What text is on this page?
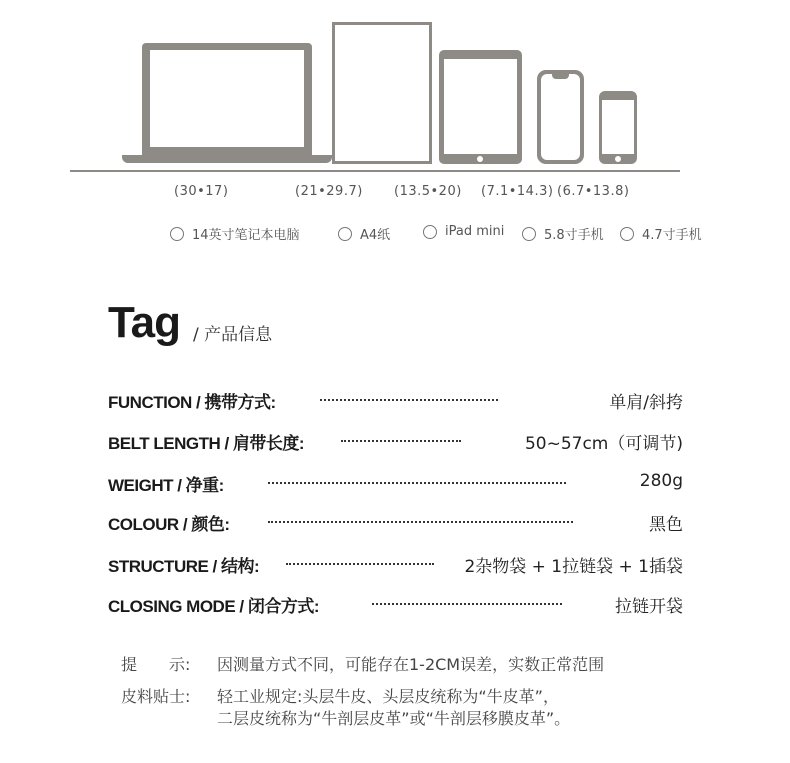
(30•17)	(21•29.7) (13.5•20) (7.1•14.3) (6.7•13.8)
14英寸笔记本电脑	A4纸	iPad mini	5.8寸手机	4.7寸手机
Tag / 产品信息
FUNCTION / 携带方式:	单肩/斜挎
BELT LENGTH / 肩带长度:	50~57cm（可调节)
WEIGHT / 净重:	280g
COLOUR / 颜色:	黑色
STRUCTURE / 结构:	2杂物袋 + 1拉链袋 + 1插袋
CLOSING MODE / 闭合方式:	拉链开袋
提　　示: 因测量方式不同，可能存在1-2CM误差，实数正常范围
皮料贴士: 轻工业规定:头层牛皮、头层皮统称为“牛皮革”，
二层皮统称为“牛剖层皮革”或“牛剖层移膜皮革”。
